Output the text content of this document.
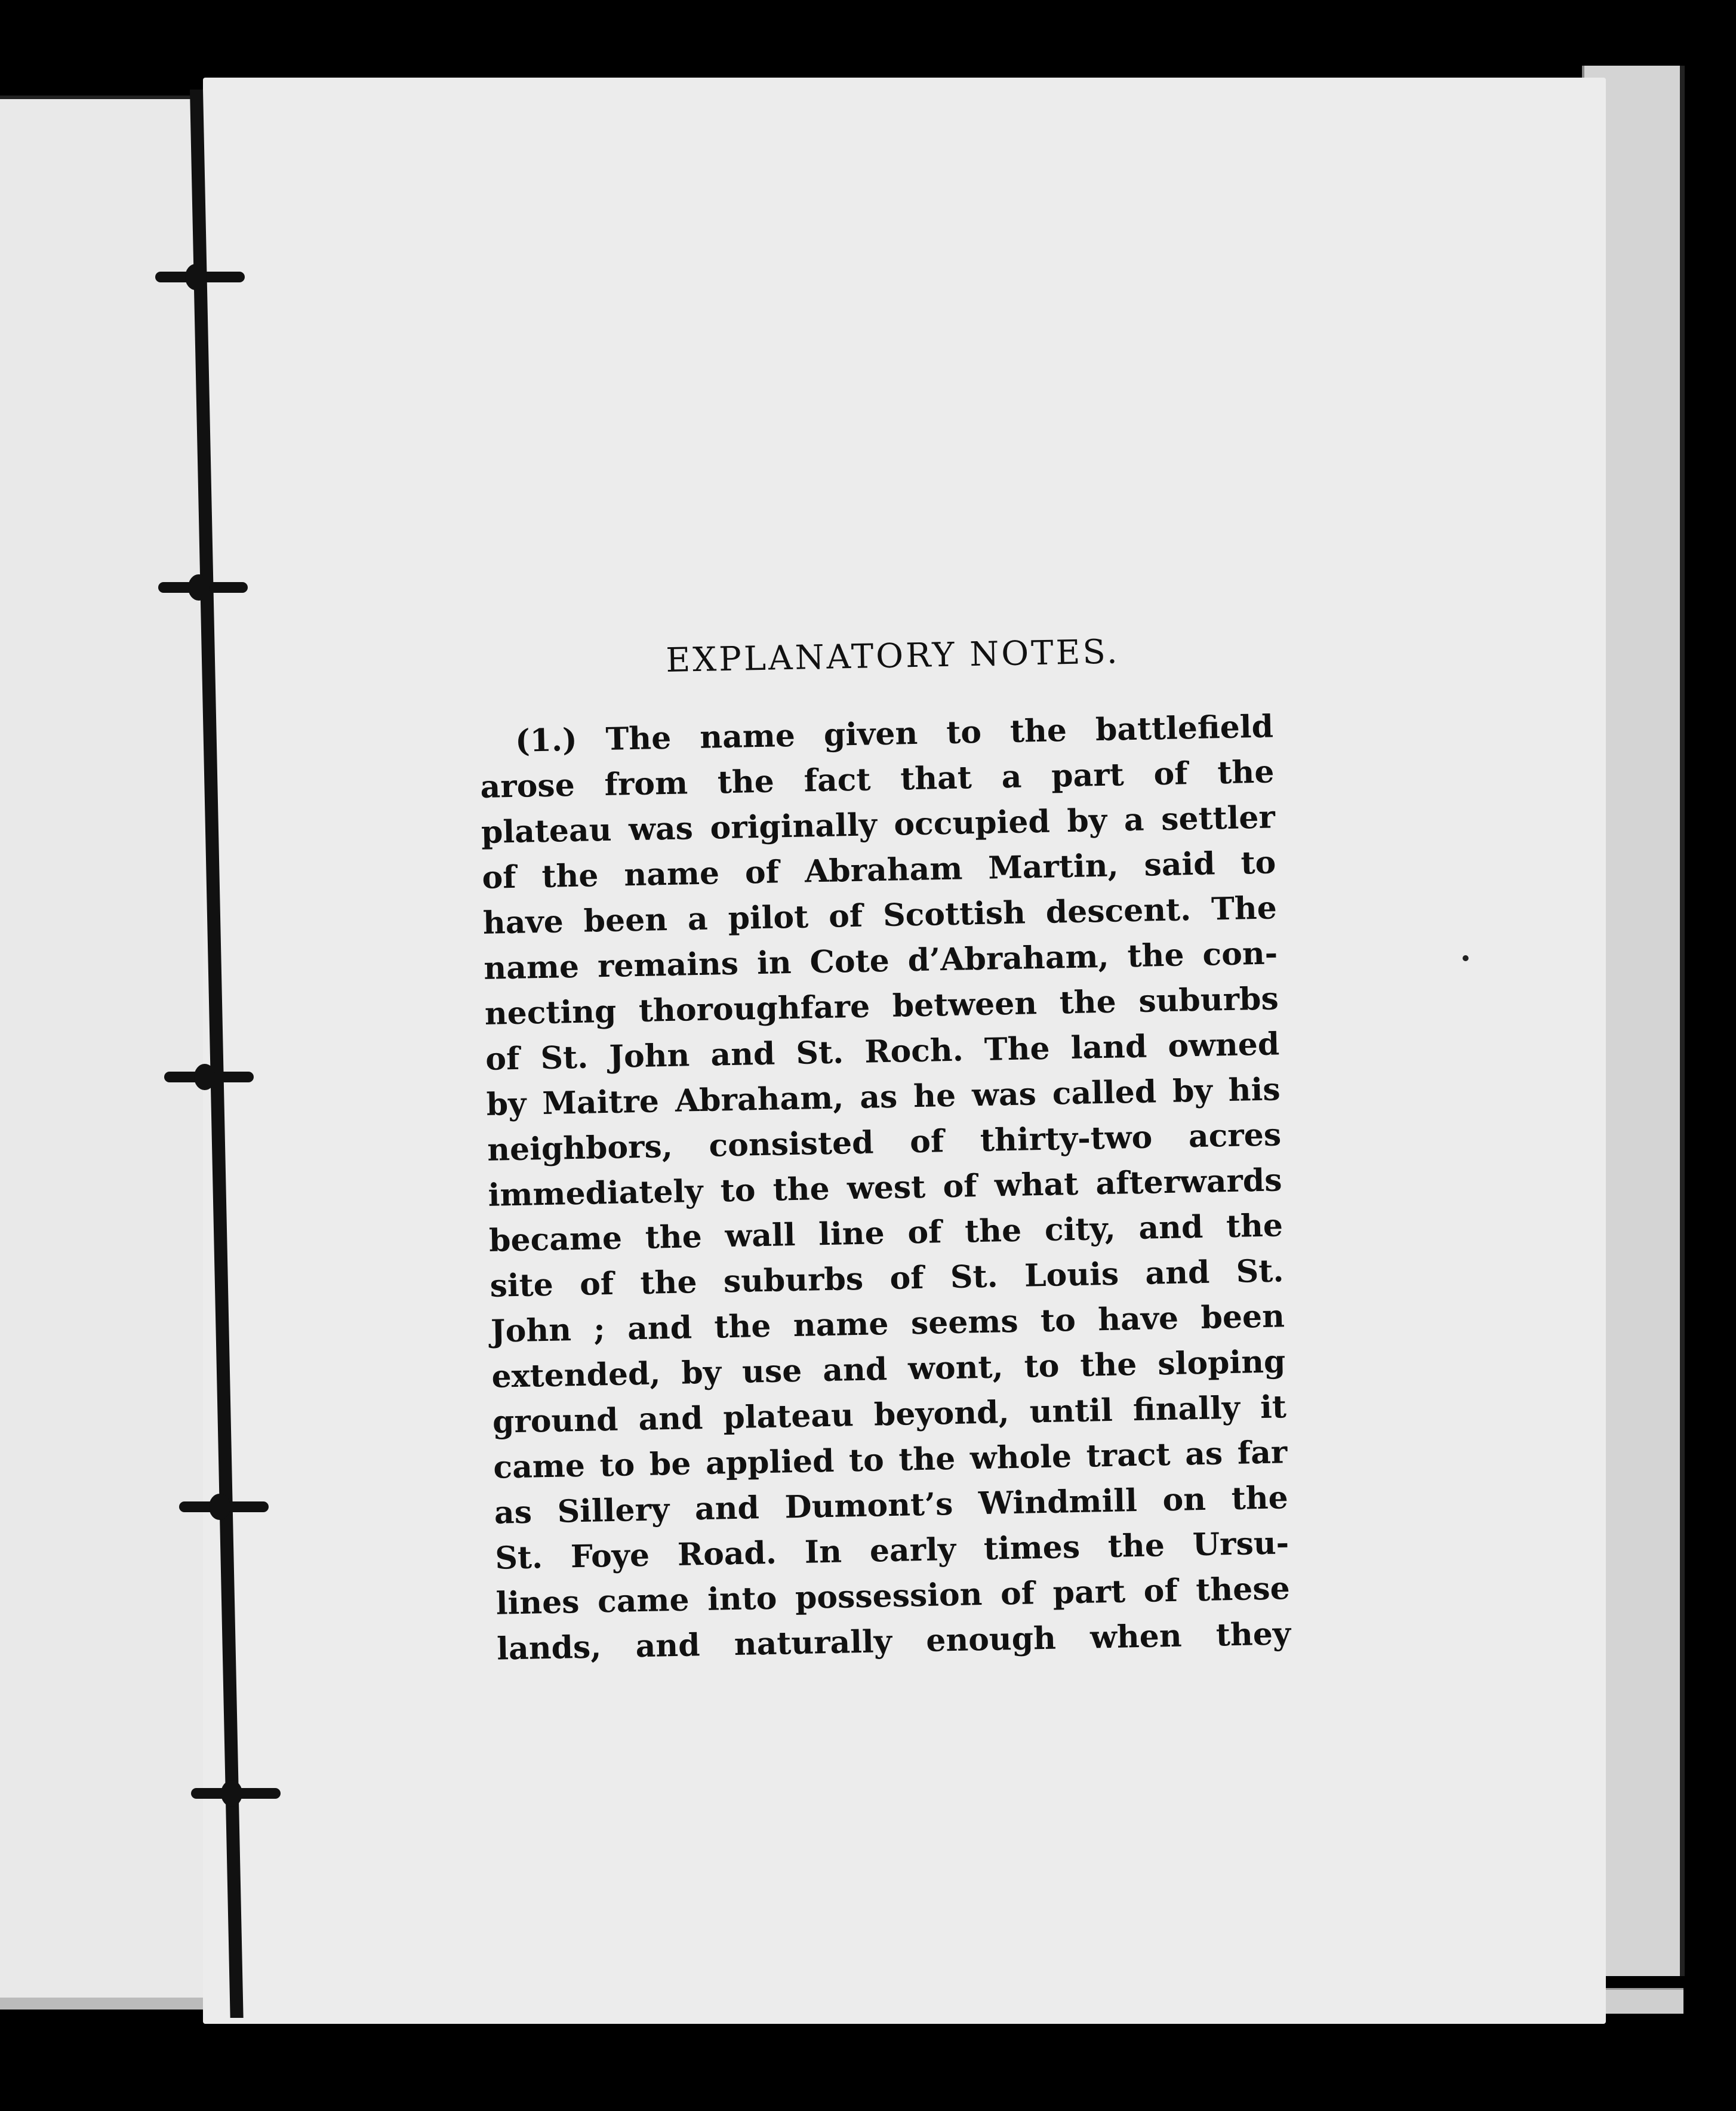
EXPLANATORY NOTES.
(1.) The name given to the battlefield
arose from the fact that a part of the
plateau was originally occupied by a settler
of the name of Abraham Martin, said to
have been a pilot of Scottish descent. The
name remains in Cote d’Abraham, the con-
necting thoroughfare between the suburbs
of St. John and St. Roch. The land owned
by Maitre Abraham, as he was called by his
neighbors, consisted of thirty-two acres
immediately to the west of what afterwards
became the wall line of the city, and the
site of the suburbs of St. Louis and St.
John ; and the name seems to have been
extended, by use and wont, to the sloping
ground and plateau beyond, until finally it
came to be applied to the whole tract as far
as Sillery and Dumont’s Windmill on the
St. Foye Road. In early times the Ursu-
lines came into possession of part of these
lands, and naturally enough when they
